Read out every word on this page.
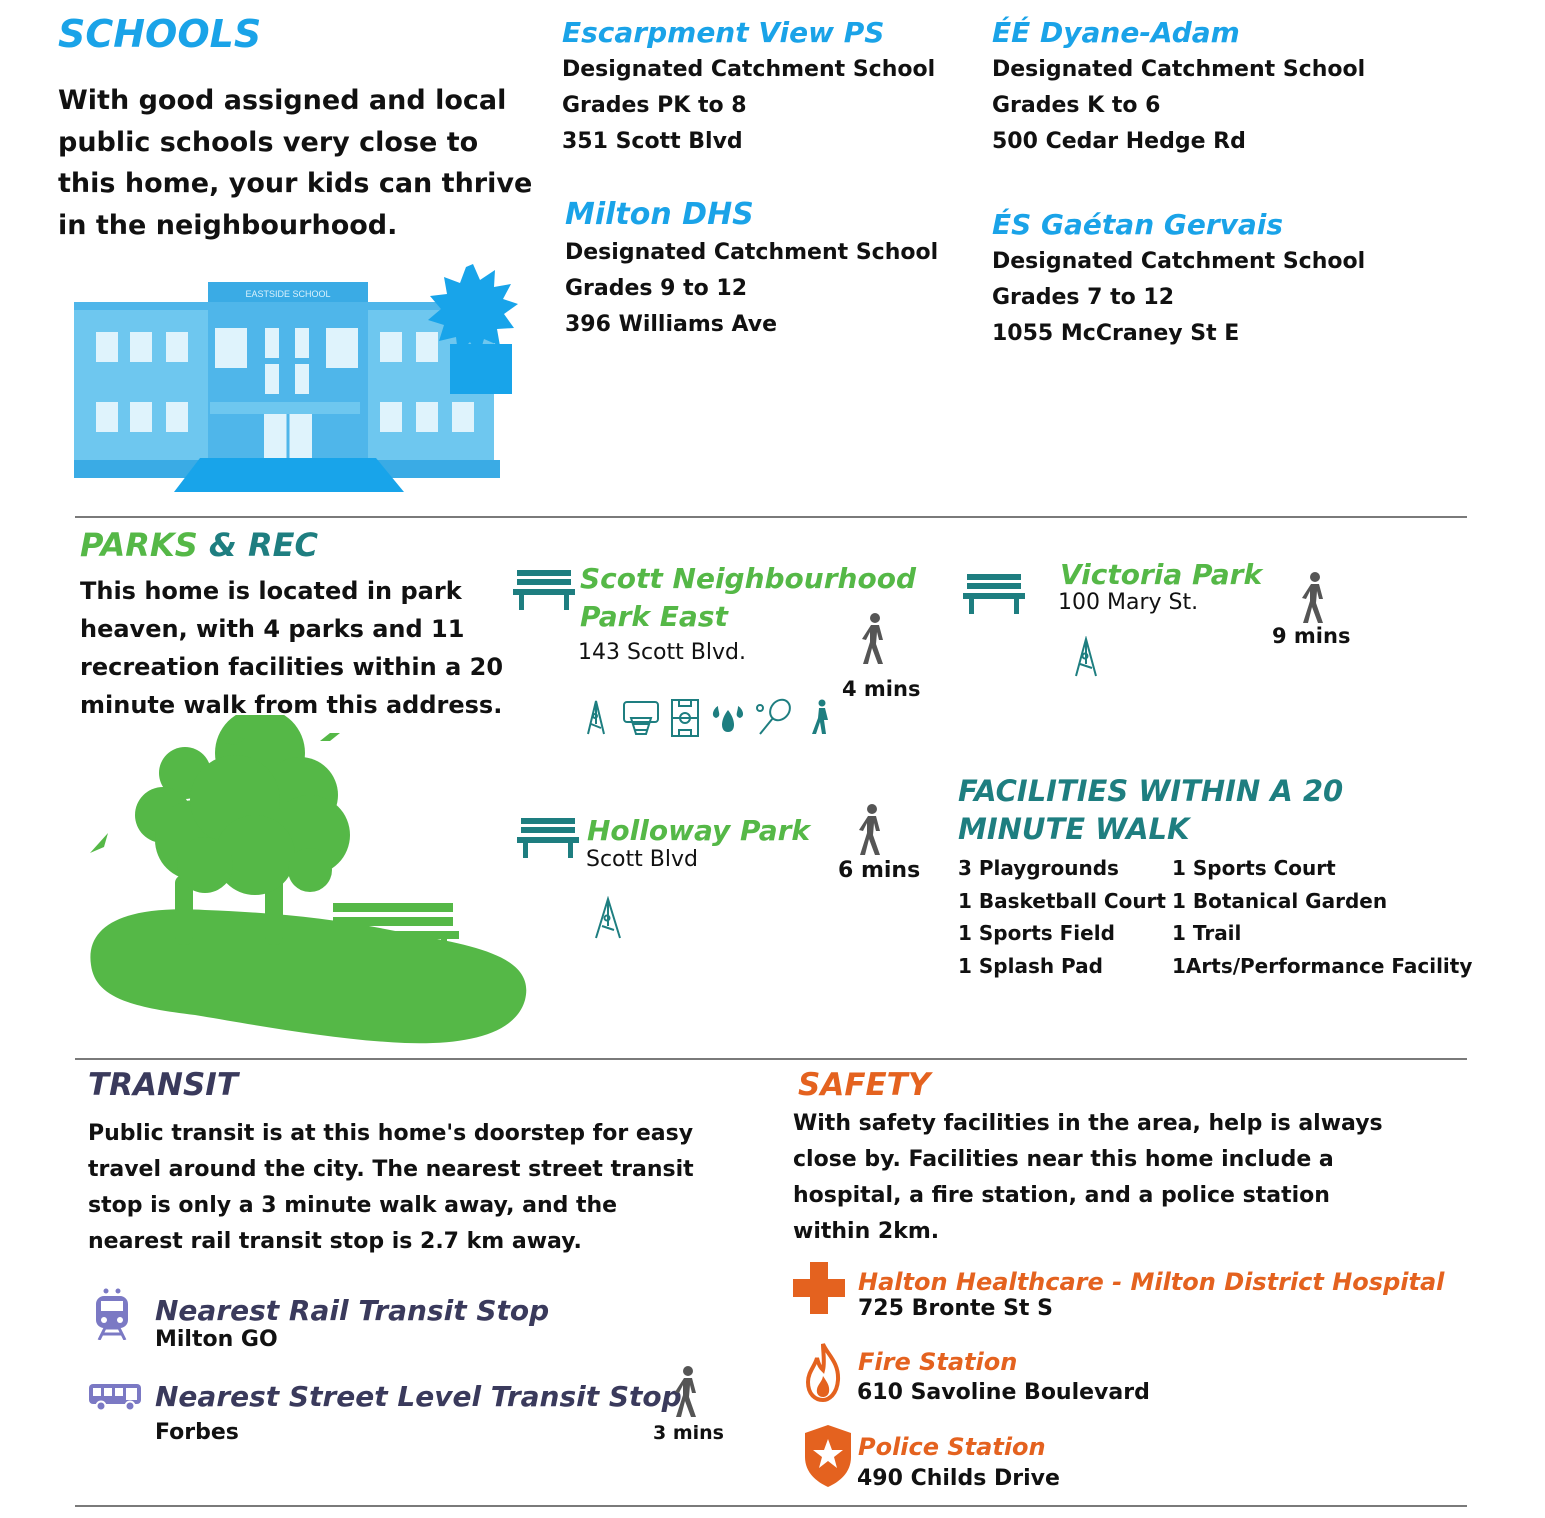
SCHOOLS
With good assigned and local public schools very close to this home, your kids can thrive in the neighbourhood.
EASTSIDE SCHOOL
Escarpment View PS
Designated Catchment School
Grades PK to 8
351 Scott Blvd
ÉÉ Dyane-Adam
Designated Catchment School
Grades K to 6
500 Cedar Hedge Rd
Milton DHS
Designated Catchment School
Grades 9 to 12
396 Williams Ave
ÉS Gaétan Gervais
Designated Catchment School
Grades 7 to 12
1055 McCraney St E
PARKS & REC
This home is located in park heaven, with 4 parks and 11 recreation facilities within a 20 minute walk from this address.
Scott Neighbourhood
Park East
143 Scott Blvd.
4 mins
Victoria Park
100 Mary St.
9 mins
Holloway Park
Scott Blvd	6 mins
FACILITIES WITHIN A 20
MINUTE WALK
3 Playgrounds
1 Basketball Court
1 Sports Field
1 Splash Pad
1 Sports Court
1 Botanical Garden
1 Trail
1Arts/Performance Facility
TRANSIT
Public transit is at this home's doorstep for easy travel around the city. The nearest street transit stop is only a 3 minute walk away, and the nearest rail transit stop is 2.7 km away.
Nearest Rail Transit Stop
Milton GO
Nearest Street Level Transit Stop
Forbes	3 mins
SAFETY
With safety facilities in the area, help is always close by. Facilities near this home include a hospital, a fire station, and a police station within 2km.
Halton Healthcare - Milton District Hospital
725 Bronte St S
Fire Station
610 Savoline Boulevard
Police Station
490 Childs Drive
